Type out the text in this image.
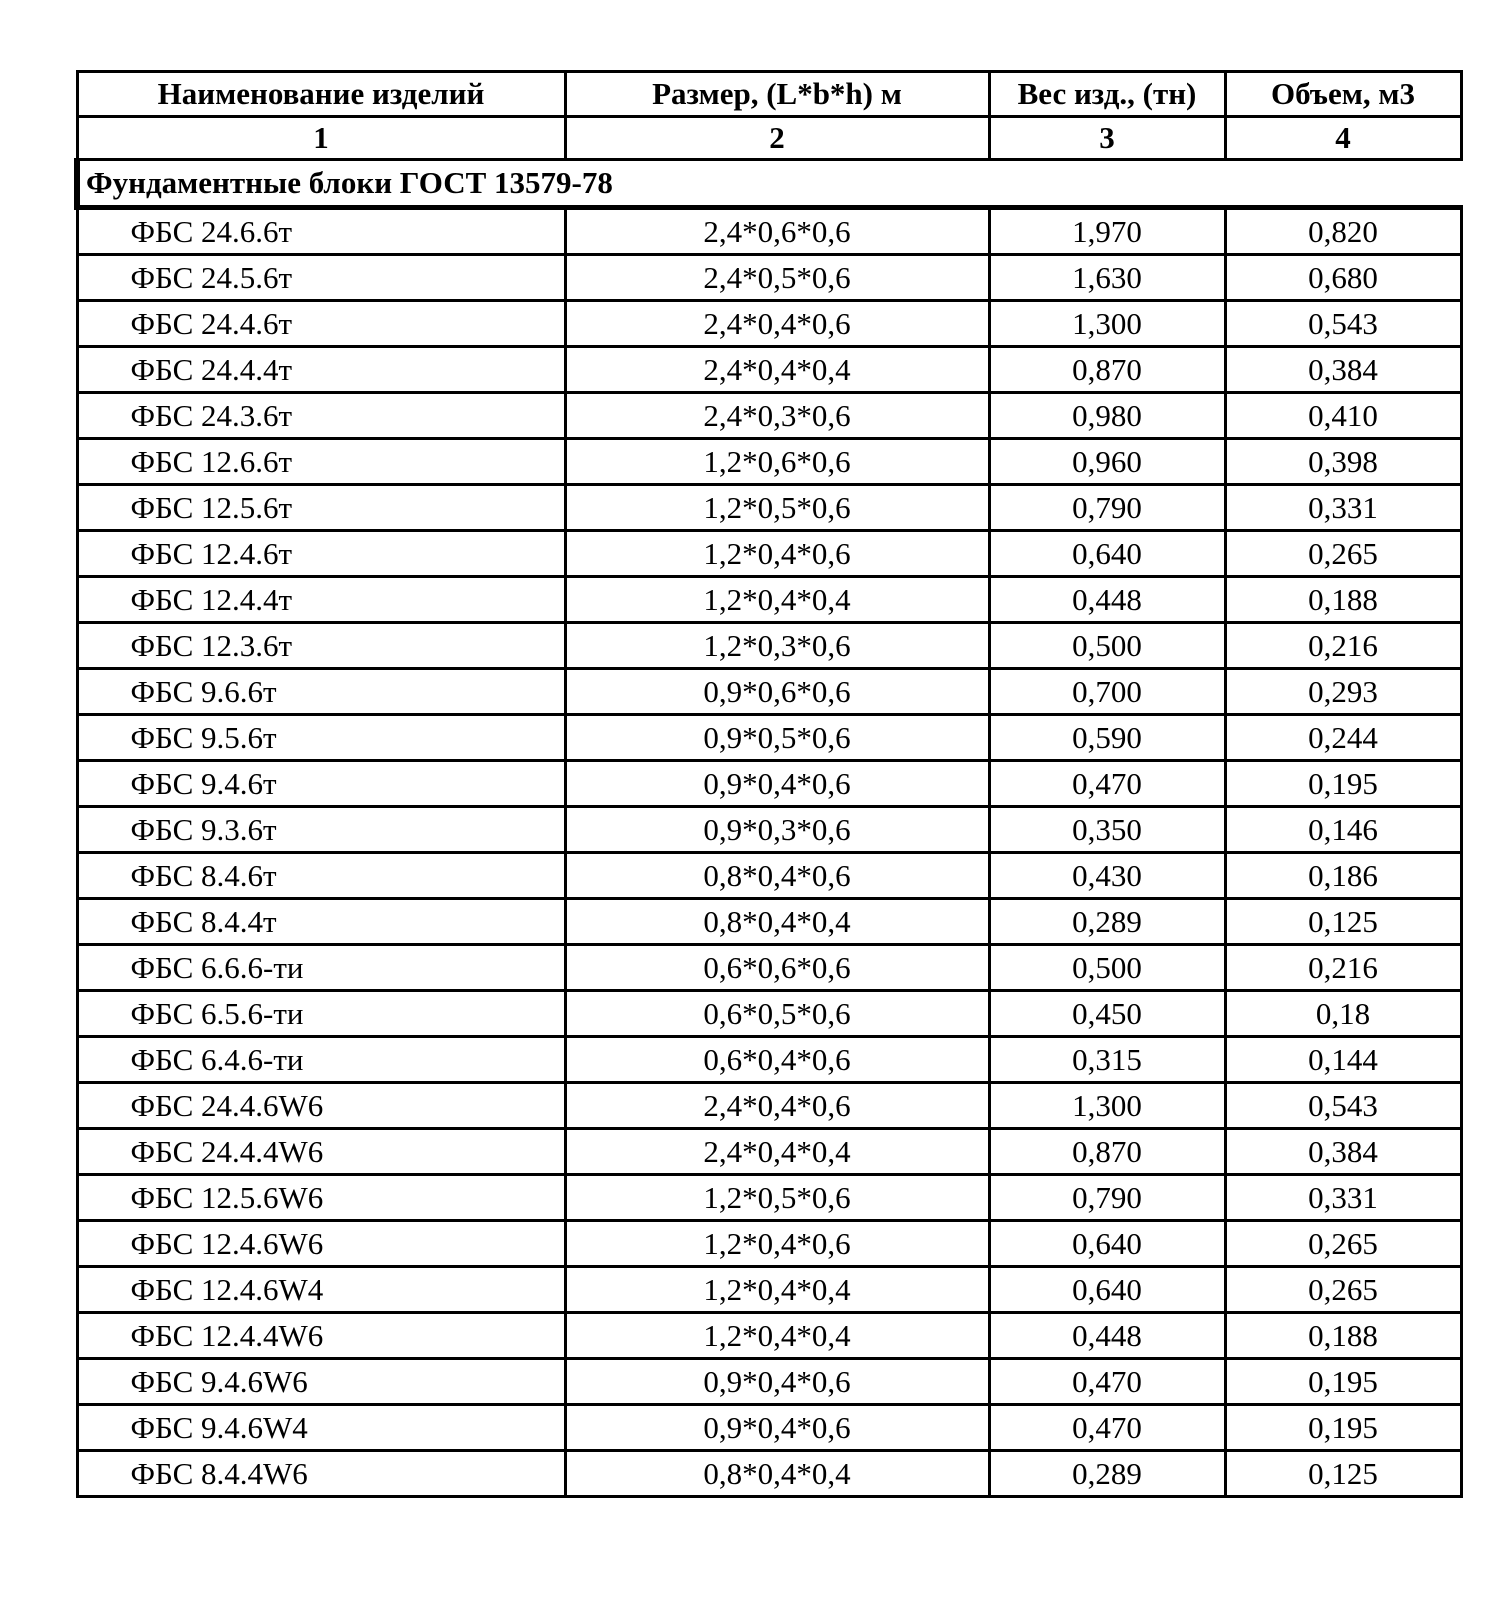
Наименование изделий	Размер, (L*b*h) м	Вес изд., (тн)	Объем, м3
1	2	3	4
Фундаментные блоки ГОСТ 13579-78			
ФБС 24.6.6т	2,4*0,6*0,6	1,970	0,820
ФБС 24.5.6т	2,4*0,5*0,6	1,630	0,680
ФБС 24.4.6т	2,4*0,4*0,6	1,300	0,543
ФБС 24.4.4т	2,4*0,4*0,4	0,870	0,384
ФБС 24.3.6т	2,4*0,3*0,6	0,980	0,410
ФБС 12.6.6т	1,2*0,6*0,6	0,960	0,398
ФБС 12.5.6т	1,2*0,5*0,6	0,790	0,331
ФБС 12.4.6т	1,2*0,4*0,6	0,640	0,265
ФБС 12.4.4т	1,2*0,4*0,4	0,448	0,188
ФБС 12.3.6т	1,2*0,3*0,6	0,500	0,216
ФБС 9.6.6т	0,9*0,6*0,6	0,700	0,293
ФБС 9.5.6т	0,9*0,5*0,6	0,590	0,244
ФБС 9.4.6т	0,9*0,4*0,6	0,470	0,195
ФБС 9.3.6т	0,9*0,3*0,6	0,350	0,146
ФБС 8.4.6т	0,8*0,4*0,6	0,430	0,186
ФБС 8.4.4т	0,8*0,4*0,4	0,289	0,125
ФБС 6.6.6-ти	0,6*0,6*0,6	0,500	0,216
ФБС 6.5.6-ти	0,6*0,5*0,6	0,450	0,18
ФБС 6.4.6-ти	0,6*0,4*0,6	0,315	0,144
ФБС 24.4.6W6	2,4*0,4*0,6	1,300	0,543
ФБС 24.4.4W6	2,4*0,4*0,4	0,870	0,384
ФБС 12.5.6W6	1,2*0,5*0,6	0,790	0,331
ФБС 12.4.6W6	1,2*0,4*0,6	0,640	0,265
ФБС 12.4.6W4	1,2*0,4*0,4	0,640	0,265
ФБС 12.4.4W6	1,2*0,4*0,4	0,448	0,188
ФБС 9.4.6W6	0,9*0,4*0,6	0,470	0,195
ФБС 9.4.6W4	0,9*0,4*0,6	0,470	0,195
ФБС 8.4.4W6	0,8*0,4*0,4	0,289	0,125
